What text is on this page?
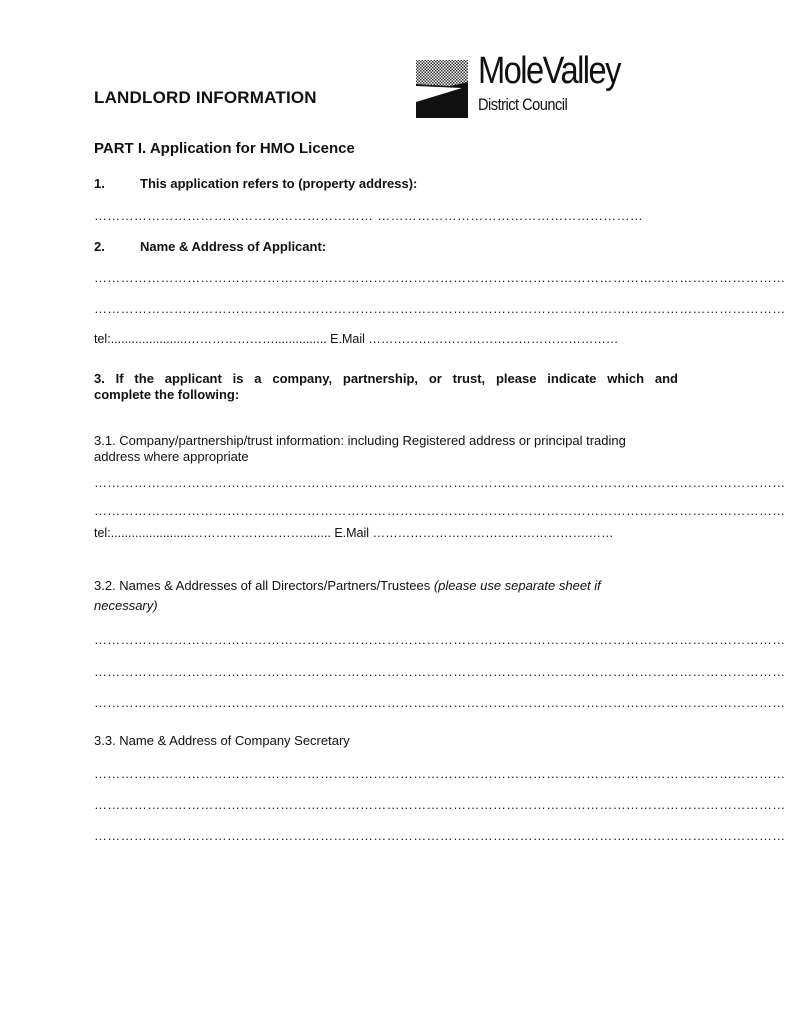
LANDLORD INFORMATION
MoleValley
District Council
PART I. Application for HMO Licence
1.	This application refers to (property address):
……………………………………………………… ……………………………………………………
2.	Name & Address of Applicant:
…………………………………………………………………………………………………………………………………………
…………………………………………………………………………………………………………………………………………
tel:......................…………………............... E.Mail ……………………………………………………
3. If the applicant is a company, partnership, or trust, please indicate which and
complete the following:
3.1. Company/partnership/trust information: including Registered address or principal trading
address where appropriate
…………………………………………………………………………………………………………………………………………
…………………………………………………………………………………………………………………………………………
tel:.......................………………………........ E.Mail …………………………………………….……
3.2. Names & Addresses of all Directors/Partners/Trustees (please use separate sheet if
necessary)
…………………………………………………………………………………………………………………………………………
…………………………………………………………………………………………………………………………………………
…………………………………………………………………………………………………………………………………………
3.3. Name & Address of Company Secretary
…………………………………………………………………………………………………………………………………………
…………………………………………………………………………………………………………………………………………
…………………………………………………………………………………………………………………………………………
